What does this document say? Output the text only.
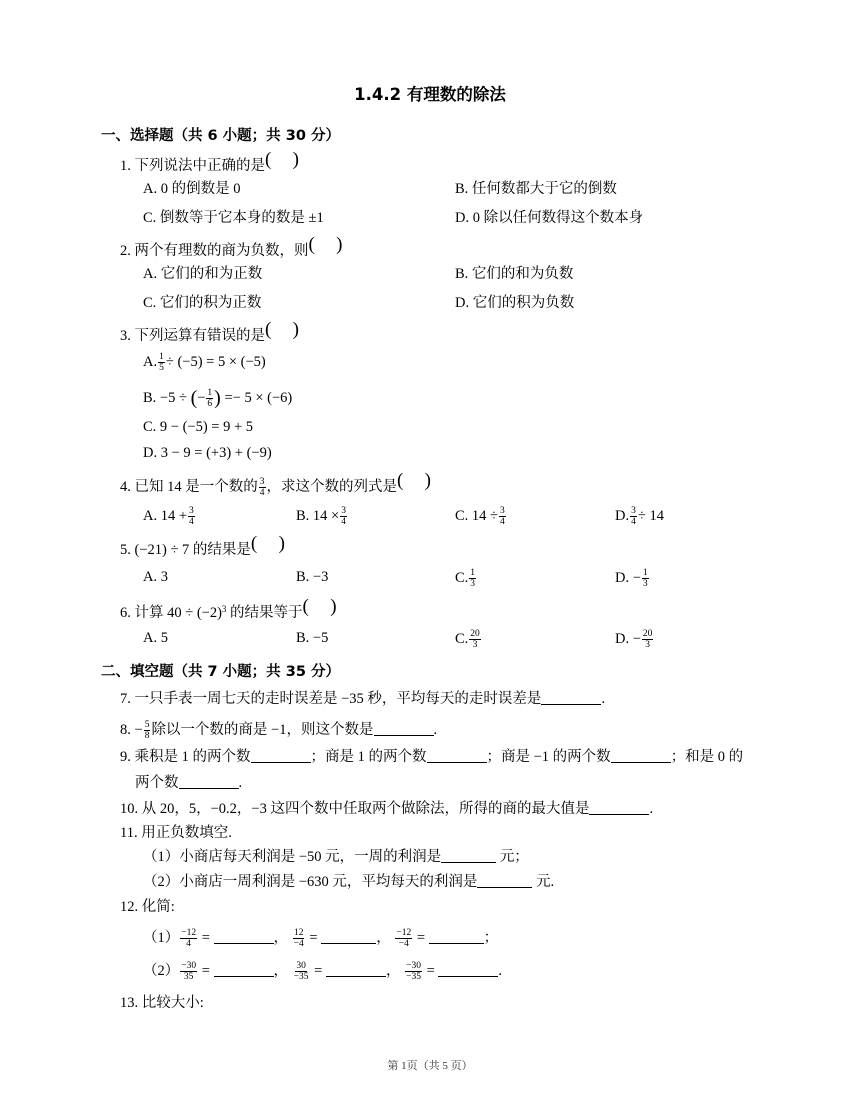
1.4.2 有理数的除法
一、选择题（共 6 小题；共 30 分）
1. 下列说法中正确的是( )
A. 0 的倒数是 0	B. 任何数都大于它的倒数
C. 倒数等于它本身的数是 ±1	D. 0 除以任何数得这个数本身
2. 两个有理数的商为负数，则( )
A. 它们的和为正数	B. 它们的和为负数
C. 它们的积为正数	D. 它们的积为负数
3. 下列运算有错误的是( )
A. $\frac{1}{5} \div (-5) = 5 \times (-5)$
B. −5 ÷ (− $\frac{1}{6}$ ) =− 5 × (−6)
C. 9 − (−5) = 9 + 5
D. 3 − 9 = (+3) + (−9)
4. 已知 14 是一个数的 $\frac{3}{4}$ ，求这个数的列式是( )
A. $14 + \frac{3}{4}$	B. $14 \times \frac{3}{4}$	C. $14 \div \frac{3}{4}$	D. $\frac{3}{4} \div 14$
5. (−21) ÷ 7 的结果是( )
A. 3	B. −3	C. $\frac{1}{3}$	D. − $\frac{1}{3}$
6. 计算 $40 \div (-2)^3$ 的结果等于( )
A. 5	B. −5	C. $\frac{20}{3}$	D. − $\frac{20}{3}$
二、填空题（共 7 小题；共 35 分）
7. 一只手表一周七天的走时误差是 −35 秒，平均每天的走时误差是	.
8. − $\frac{5}{8}$ 除以一个数的商是 −1，则这个数是	.
9. 乘积是 1 的两个数	；商是 1 的两个数	；商是 −1 的两个数	；和是 0 的
两个数	.
10. 从 20，5，−0.2，−3 这四个数中任取两个做除法，所得的商的最大值是	.
11. 用正负数填空.
（1）小商店每天利润是 −50 元，一周的利润是	元；
（2）小商店一周利润是 −630 元，平均每天的利润是	元.
12. 化简:
$(1) \frac{-12}{4}$ =	， $\frac{12}{-4}$ =	， $\frac{-12}{-4}$ =	；
$(2) \frac{-30}{35}$ =	， $\frac{30}{-35}$ =	， $\frac{-30}{-35}$ =	.
13. 比较大小:
第 1页（共 5 页）
